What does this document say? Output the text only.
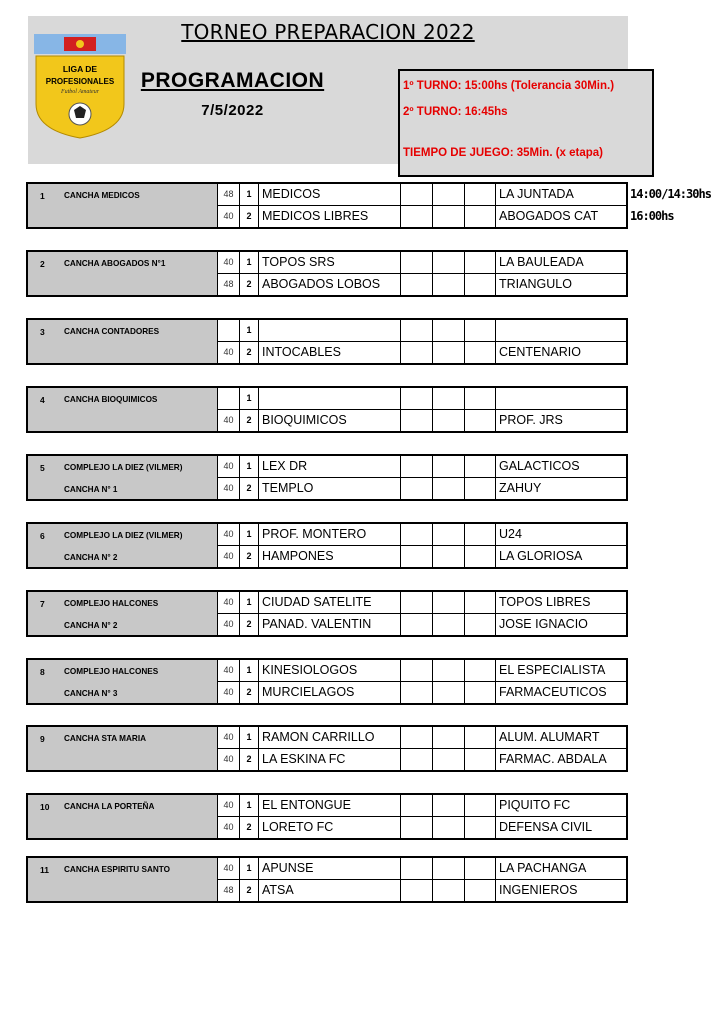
TORNEO PREPARACION 2022
LIGA DE
PROFESIONALES
Futbol Amateur	PROGRAMACION
7/5/2022
1º TURNO: 15:00hs (Tolerancia 30Min.)
2º TURNO: 16:45hs
TIEMPO DE JUEGO: 35Min. (x etapa)
14:00/14:30hs
16:00hs
1 CANCHA MEDICOS	48	1 MEDICOS	LA JUNTADA
40	2 MEDICOS LIBRES	ABOGADOS CAT
2 CANCHA ABOGADOS N°1	40	1 TOPOS SRS	LA BAULEADA
48	2 ABOGADOS LOBOS	TRIANGULO
3 CANCHA CONTADORES	1
40	2 INTOCABLES	CENTENARIO
4 CANCHA BIOQUIMICOS	1
40	2 BIOQUIMICOS	PROF. JRS
5 COMPLEJO LA DIEZ (VILMER)
CANCHA N° 1
40	1 LEX DR	GALACTICOS
40	2 TEMPLO	ZAHUY
6 COMPLEJO LA DIEZ (VILMER)
CANCHA N° 2
40	1 PROF. MONTERO	U24
40	2 HAMPONES	LA GLORIOSA
7 COMPLEJO HALCONES
CANCHA N° 2
40	1 CIUDAD SATELITE	TOPOS LIBRES
40	2 PANAD. VALENTIN	JOSE IGNACIO
8 COMPLEJO HALCONES
CANCHA N° 3
40	1 KINESIOLOGOS	EL ESPECIALISTA
40	2 MURCIELAGOS	FARMACEUTICOS
9 CANCHA STA MARIA	40	1 RAMON CARRILLO	ALUM. ALUMART
40	2 LA ESKINA FC	FARMAC. ABDALA
10 CANCHA LA PORTEÑA	40	1 EL ENTONGUE	PIQUITO FC
40	2 LORETO FC	DEFENSA CIVIL
11 CANCHA ESPIRITU SANTO	40	1 APUNSE	LA PACHANGA
48	2 ATSA	INGENIEROS
